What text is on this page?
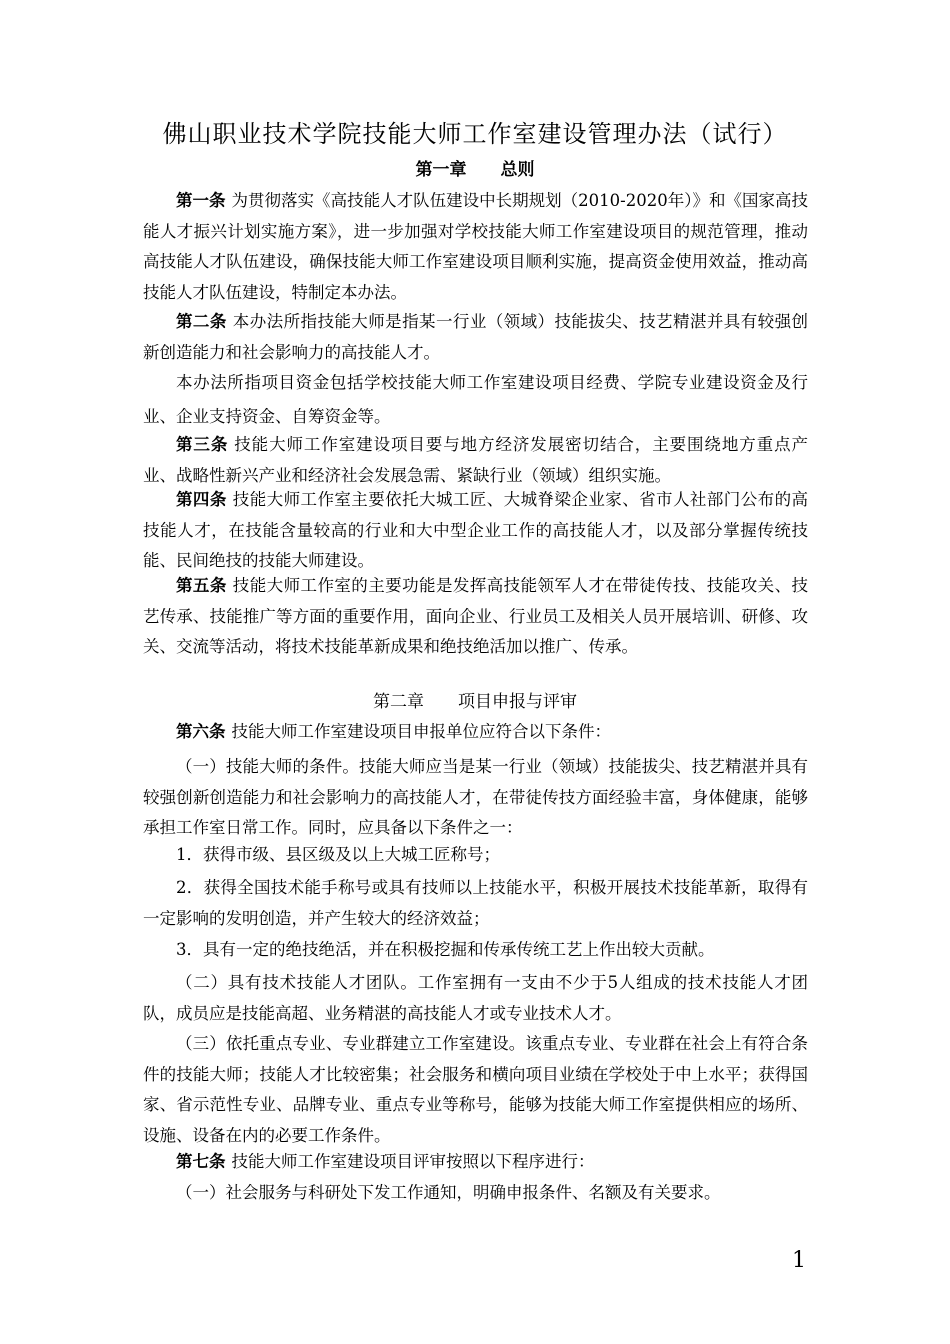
佛山职业技术学院技能大师工作室建设管理办法（试行）
第一章　　总则
第一条 为贯彻落实《高技能人才队伍建设中长期规划（2010-2020年）》和《国家高技能人才振兴计划实施方案》，进一步加强对学校技能大师工作室建设项目的规范管理，推动高技能人才队伍建设，确保技能大师工作室建设项目顺利实施，提高资金使用效益，推动高技能人才队伍建设，特制定本办法。
第二条 本办法所指技能大师是指某一行业（领域）技能拔尖、技艺精湛并具有较强创新创造能力和社会影响力的高技能人才。
本办法所指项目资金包括学校技能大师工作室建设项目经费、学院专业建设资金及行业、企业支持资金、自筹资金等。
第三条 技能大师工作室建设项目要与地方经济发展密切结合，主要围绕地方重点产业、战略性新兴产业和经济社会发展急需、紧缺行业（领域）组织实施。
第四条 技能大师工作室主要依托大城工匠、大城脊梁企业家、省市人社部门公布的高技能人才，在技能含量较高的行业和大中型企业工作的高技能人才，以及部分掌握传统技能、民间绝技的技能大师建设。
第五条 技能大师工作室的主要功能是发挥高技能领军人才在带徒传技、技能攻关、技艺传承、技能推广等方面的重要作用，面向企业、行业员工及相关人员开展培训、研修、攻关、交流等活动，将技术技能革新成果和绝技绝活加以推广、传承。
第二章　　项目申报与评审
第六条 技能大师工作室建设项目申报单位应符合以下条件：
（一）技能大师的条件。技能大师应当是某一行业（领域）技能拔尖、技艺精湛并具有较强创新创造能力和社会影响力的高技能人才，在带徒传技方面经验丰富，身体健康，能够承担工作室日常工作。同时，应具备以下条件之一：
1．获得市级、县区级及以上大城工匠称号；
2．获得全国技术能手称号或具有技师以上技能水平，积极开展技术技能革新，取得有一定影响的发明创造，并产生较大的经济效益；
3．具有一定的绝技绝活，并在积极挖掘和传承传统工艺上作出较大贡献。
（二）具有技术技能人才团队。工作室拥有一支由不少于5人组成的技术技能人才团队，成员应是技能高超、业务精湛的高技能人才或专业技术人才。
（三）依托重点专业、专业群建立工作室建设。该重点专业、专业群在社会上有符合条件的技能大师；技能人才比较密集；社会服务和横向项目业绩在学校处于中上水平；获得国家、省示范性专业、品牌专业、重点专业等称号，能够为技能大师工作室提供相应的场所、设施、设备在内的必要工作条件。
第七条 技能大师工作室建设项目评审按照以下程序进行：
（一）社会服务与科研处下发工作通知，明确申报条件、名额及有关要求。
1
